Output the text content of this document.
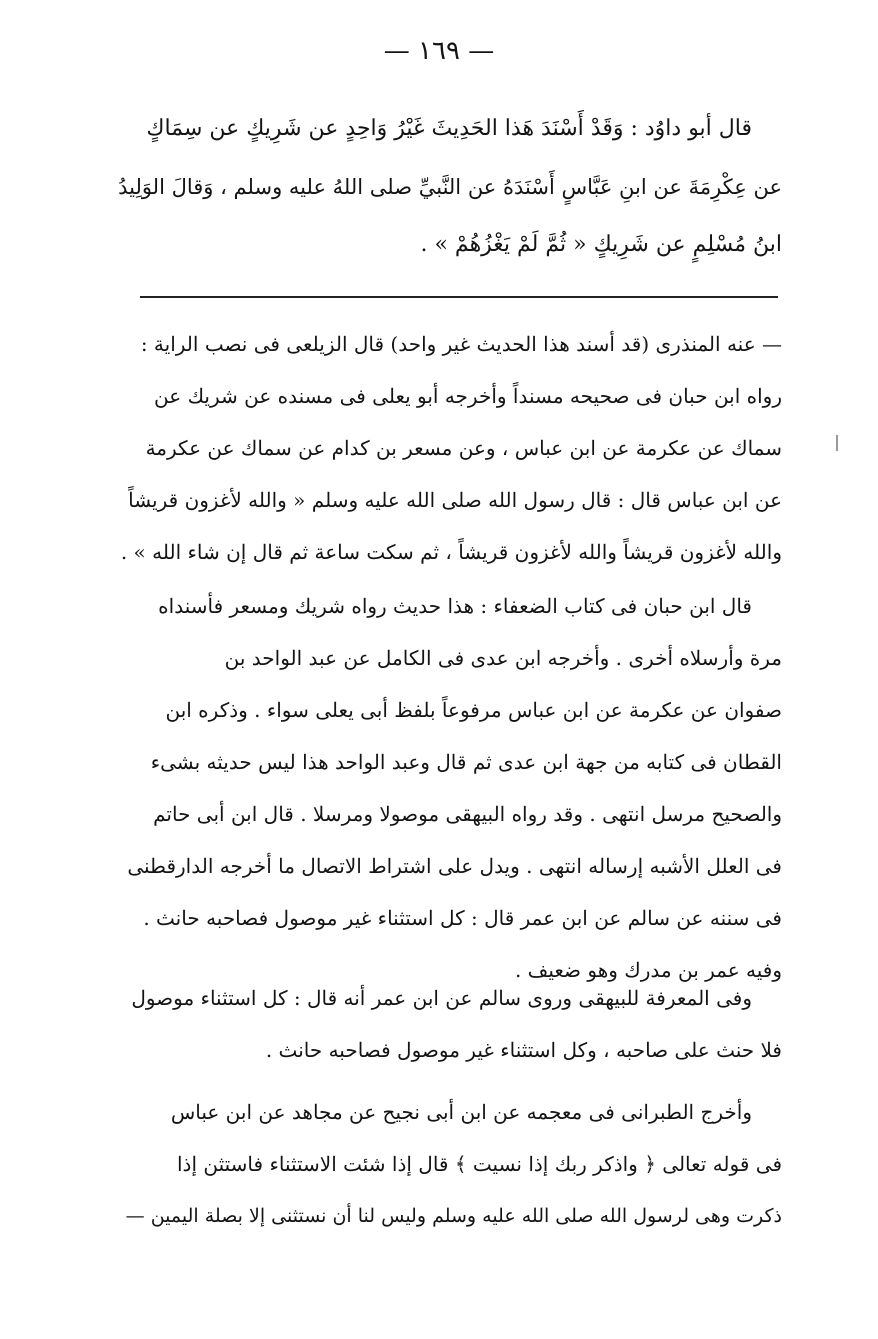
— ١٦٩ —
قال أبو داوُد : وَقَدْ أَسْنَدَ هَذا الحَدِيثَ غَيْرُ وَاحِدٍ عن شَرِيكٍ عن سِمَاكٍ
عن عِكْرِمَةَ عن ابنِ عَبَّاسٍ أَسْنَدَهُ عن النَّبيِّ صلى اللهُ عليه وسلم ، وَقالَ الوَلِيدُ
ابنُ مُسْلِمٍ عن شَرِيكٍ « ثُمَّ لَمْ يَغْزُهُمْ » .
— عنه المنذرى (قد أسند هذا الحديث غير واحد) قال الزيلعى فى نصب الراية :
رواه ابن حبان فى صحيحه مسنداً وأخرجه أبو يعلى فى مسنده عن شريك عن
سماك عن عكرمة عن ابن عباس ، وعن مسعر بن كدام عن سماك عن عكرمة
عن ابن عباس قال : قال رسول الله صلى الله عليه وسلم « والله لأغزون قريشاً
والله لأغزون قريشاً والله لأغزون قريشاً ، ثم سكت ساعة ثم قال إن شاء الله » .
قال ابن حبان فى كتاب الضعفاء : هذا حديث رواه شريك ومسعر فأسنداه
مرة وأرسلاه أخرى . وأخرجه ابن عدى فى الكامل عن عبد الواحد بن
صفوان عن عكرمة عن ابن عباس مرفوعاً بلفظ أبى يعلى سواء . وذكره ابن
القطان فى كتابه من جهة ابن عدى ثم قال وعبد الواحد هذا ليس حديثه بشىء
والصحيح مرسل انتهى . وقد رواه البيهقى موصولا ومرسلا . قال ابن أبى حاتم
فى العلل الأشبه إرساله انتهى . ويدل على اشتراط الاتصال ما أخرجه الدارقطنى
فى سننه عن سالم عن ابن عمر قال : كل استثناء غير موصول فصاحبه حانث .
وفيه عمر بن مدرك وهو ضعيف .
وفى المعرفة للبيهقى وروى سالم عن ابن عمر أنه قال : كل استثناء موصول
فلا حنث على صاحبه ، وكل استثناء غير موصول فصاحبه حانث .
وأخرج الطبرانى فى معجمه عن ابن أبى نجيح عن مجاهد عن ابن عباس
فى قوله تعالى ﴿ واذكر ربك إذا نسيت ﴾ قال إذا شئت الاستثناء فاستثن إذا
ذكرت وهى لرسول الله صلى الله عليه وسلم وليس لنا أن نستثنى إلا بصلة اليمين —
